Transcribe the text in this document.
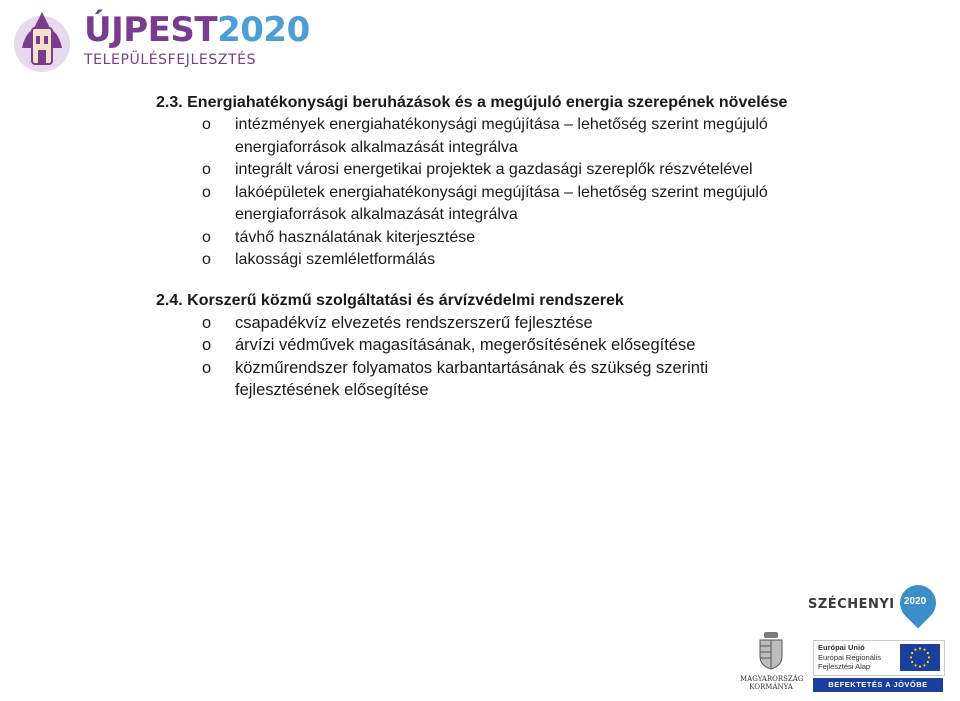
ÚJPEST2020
TELEPÜLÉSFEJLESZTÉS

2.3. Energiahatékonysági beruházások és a megújuló energia szerepének növelése

o intézmények energiahatékonysági megújítása – lehetőség szerint megújuló
energiaforrások alkalmazását integrálva
o integrált városi energetikai projektek a gazdasági szereplők részvételével
o lakóépületek energiahatékonysági megújítása – lehetőség szerint megújuló
energiaforrások alkalmazását integrálva
o távhő használatának kiterjesztése
o lakossági szemléletformálás

2.4. Korszerű közmű szolgáltatási és árvízvédelmi rendszerek

o csapadékvíz elvezetés rendszerszerű fejlesztése
o árvízi védművek magasításának, megerősítésének elősegítése
o közműrendszer folyamatos karbantartásának és szükség szerinti
fejlesztésének elősegítése
SZÉCHENYI 2020
MAGYARORSZÁG
KORMÁNYA
Európai Unió
Európai Regionális
Fejlesztési Alap
BEFEKTETÉS A JÖVŐBE
